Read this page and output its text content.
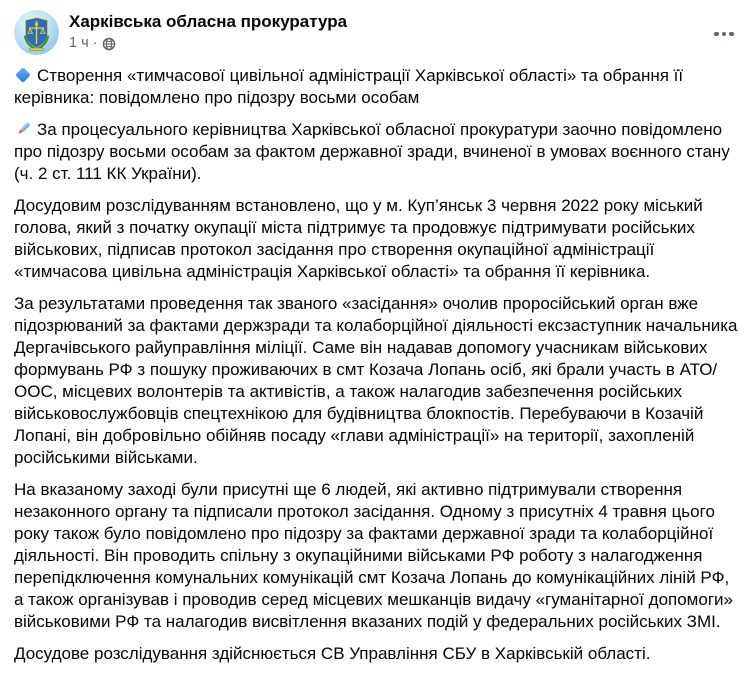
Харківська обласна прокуратура
1 ч ·

Створення «тимчасової цивільної адміністрації Харківської області» та обрання її керівника: повідомлено про підозру восьми особам

За процесуального керівництва Харківської обласної прокуратури заочно повідомлено про підозру восьми особам за фактом державної зради, вчиненої в умовах воєнного стану (ч. 2 ст. 111 КК України).

Досудовим розслідуванням встановлено, що у м. Куп’янськ 3 червня 2022 року міський голова, який з початку окупації міста підтримує та продовжує підтримувати російських військових, підписав протокол засідання про створення окупаційної адміністрації «тимчасова цивільна адміністрація Харківської області» та обрання її керівника.

За результатами проведення так званого «засідання» очолив проросійський орган вже підозрюваний за фактами держзради та колаборційної діяльності ексзаступник начальника Дергачівського райуправління міліції. Саме він надавав допомогу учасникам військових формувань РФ з пошуку проживаючих в смт Козача Лопань осіб, які брали участь в АТО/ООС, місцевих волонтерів та активістів, а також налагодив забезпечення російських військовослужбовців спецтехнікою для будівництва блокпостів. Перебуваючи в Козачій Лопані, він добровільно обійняв посаду «глави адміністрації» на території, захопленій російськими військами.

На вказаному заході були присутні ще 6 людей, які активно підтримували створення незаконного органу та підписали протокол засідання. Одному з присутніх 4 травня цього року також було повідомлено про підозру за фактами державної зради та колаборційної діяльності. Він проводить спільну з окупаційними військами РФ роботу з налагодження перепідключення комунальних комунікацій смт Козача Лопань до комунікаційних ліній РФ, а також організував і проводив серед місцевих мешканців видачу «гуманітарної допомоги» військовими РФ та налагодив висвітлення вказаних подій у федеральних російських ЗМІ.

Досудове розслідування здійснюється СВ Управління СБУ в Харківській області.
